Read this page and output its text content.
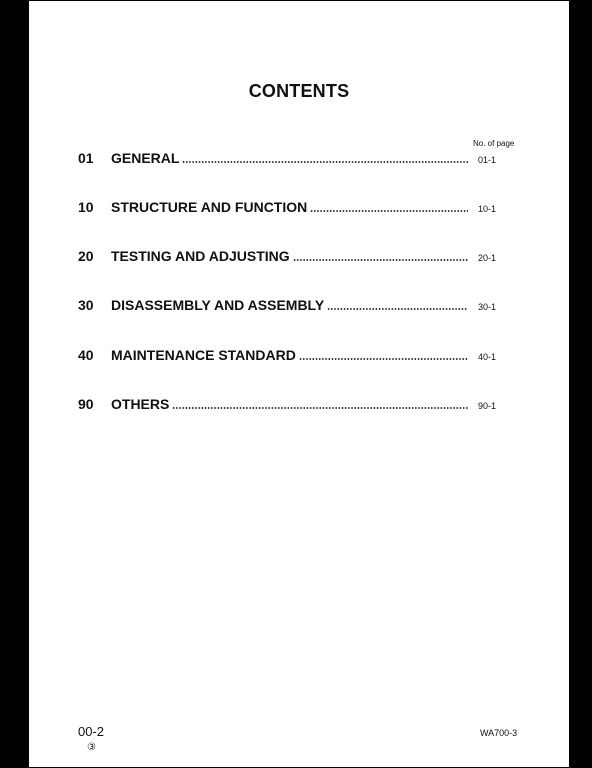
CONTENTS
No. of page
01	GENERAL	01-1
10	STRUCTURE AND FUNCTION	10-1
20	TESTING AND ADJUSTING	20-1
30	DISASSEMBLY AND ASSEMBLY	30-1
40	MAINTENANCE STANDARD	40-1
90	OTHERS	90-1
00-2
③
WA700-3
